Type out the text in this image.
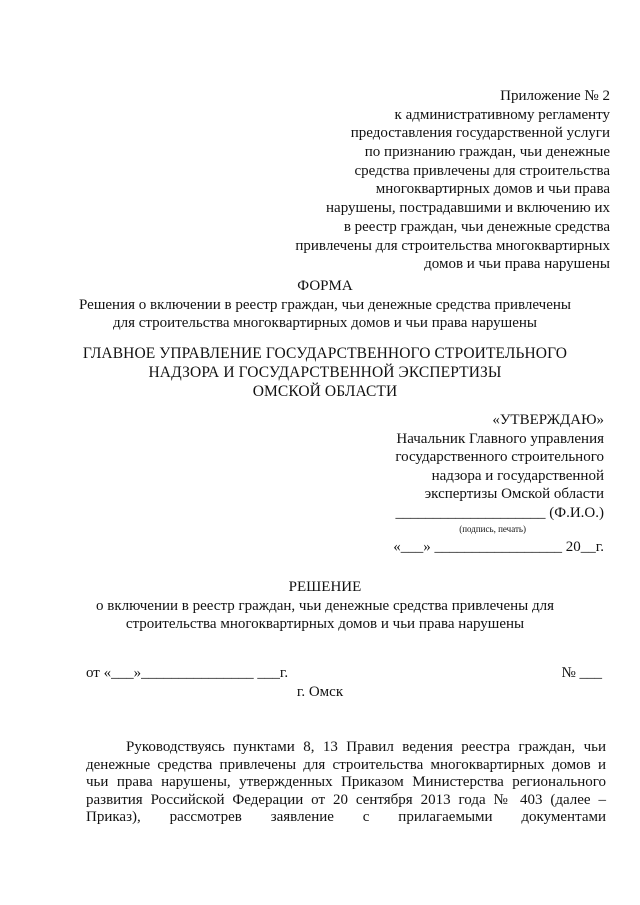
Приложение № 2
к административному регламенту
предоставления государственной услуги
по признанию граждан, чьи денежные
средства привлечены для строительства
многоквартирных домов и чьи права
нарушены, пострадавшими и включению их
в реестр граждан, чьи денежные средства
привлечены для строительства многоквартирных
домов и чьи права нарушены
ФОРМА
Решения о включении в реестр граждан, чьи денежные средства привлечены
для строительства многоквартирных домов и чьи права нарушены
ГЛАВНОЕ УПРАВЛЕНИЕ ГОСУДАРСТВЕННОГО СТРОИТЕЛЬНОГО
НАДЗОРА И ГОСУДАРСТВЕННОЙ ЭКСПЕРТИЗЫ
ОМСКОЙ ОБЛАСТИ
«УТВЕРЖДАЮ»
Начальник Главного управления
государственного строительного
надзора и государственной
экспертизы Омской области
____________________ (Ф.И.О.)
(подпись, печать)
«___» _________________ 20__г.
РЕШЕНИЕ
о включении в реестр граждан, чьи денежные средства привлечены для
строительства многоквартирных домов и чьи права нарушены
от «___»_______________ ___г.	№ ___
г. Омск
Руководствуясь пунктами 8, 13 Правил ведения реестра граждан, чьи
денежные средства привлечены для строительства многоквартирных домов и
чьи права нарушены, утвержденных Приказом Министерства регионального
развития Российской Федерации от 20 сентября 2013 года № 403 (далее –
Приказ), рассмотрев заявление с прилагаемыми документами
